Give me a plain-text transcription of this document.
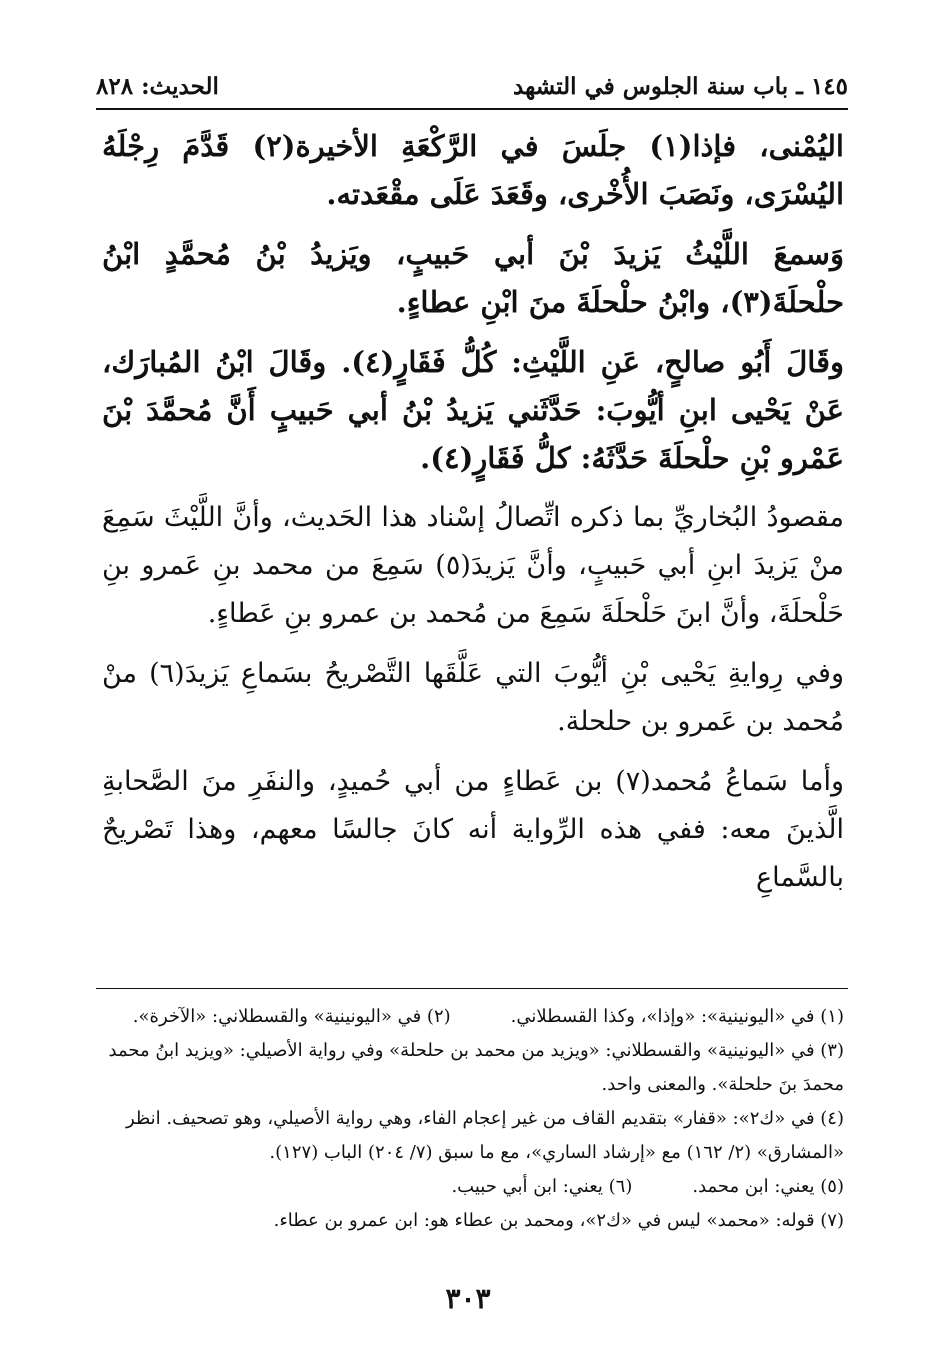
١٤٥ ـ باب سنة الجلوس في التشهد
الحديث: ٨٢٨

اليُمْنى، فإذا(١) جلَسَ في الرَّكْعَةِ الأخيرة(٢) قَدَّمَ رِجْلَهُ اليُسْرَى، ونَصَبَ الأُخْرى، وقَعَدَ عَلَى مقْعَدته.

وَسمعَ اللَّيْثُ يَزيدَ بْنَ أبي حَبيبٍ، ويَزيدُ بْنُ مُحمَّدٍ ابْنُ حلْحلَةَ(٣)، وابْنُ حلْحلَةَ منَ ابْنِ عطاءٍ.

وقَالَ أَبُو صالحٍ، عَنِ اللَّيْثِ: كُلُّ فَقَارٍ(٤). وقَالَ ابْنُ المُبارَك، عَنْ يَحْيى ابنِ أيُّوبَ: حَدَّثَني يَزيدُ بْنُ أبي حَبيبٍ أَنَّ مُحمَّدَ بْنَ عَمْرو بْنِ حلْحلَةَ حَدَّثَهُ: كلُّ فَقَارٍ(٤).

مقصودُ البُخاريِّ بما ذكره اتِّصالُ إسْناد هذا الحَديث، وأنَّ اللَّيْثَ سَمِعَ منْ يَزيدَ ابنِ أبي حَبيبٍ، وأنَّ يَزيدَ(٥) سَمِعَ من محمد بنِ عَمرو بنِ حَلْحلَةَ، وأنَّ ابنَ حَلْحلَةَ سَمِعَ من مُحمد بن عمرو بنِ عَطاءٍ.

وفي رِوايةِ يَحْيى بْنِ أيُّوبَ التي عَلَّقَها التَّصْريحُ بسَماعِ يَزيدَ(٦) منْ مُحمد بن عَمرو بن حلحلة.

وأما سَماعُ مُحمد(٧) بن عَطاءٍ من أبي حُميدٍ، والنفَرِ منَ الصَّحابةِ الَّذينَ معه: ففي هذه الرِّواية أنه كانَ جالسًا معهم، وهذا تَصْريحٌ بالسَّماعِ

(١) في «اليونينية»: «وإذا»، وكذا القسطلاني.
(٢) في «اليونينية» والقسطلاني: «الآخرة».

(٣) في «اليونينية» والقسطلاني: «ويزيد من محمد بن حلحلة» وفي رواية الأصيلي: «ويزيد ابنُ محمد محمدَ بنَ حلحلة». والمعنى واحد.

(٤) في «ك٢»: «قفار» بتقديم القاف من غير إعجام الفاء، وهي رواية الأصيلي، وهو تصحيف. انظر «المشارق» (٢/ ١٦٢) مع «إرشاد الساري»، مع ما سبق (٧/ ٢٠٤) الباب (١٢٧).

(٥) يعني: ابن محمد.
(٦) يعني: ابن أبي حبيب.

(٧) قوله: «محمد» ليس في «ك٢»، ومحمد بن عطاء هو: ابن عمرو بن عطاء.

٣٠٣
